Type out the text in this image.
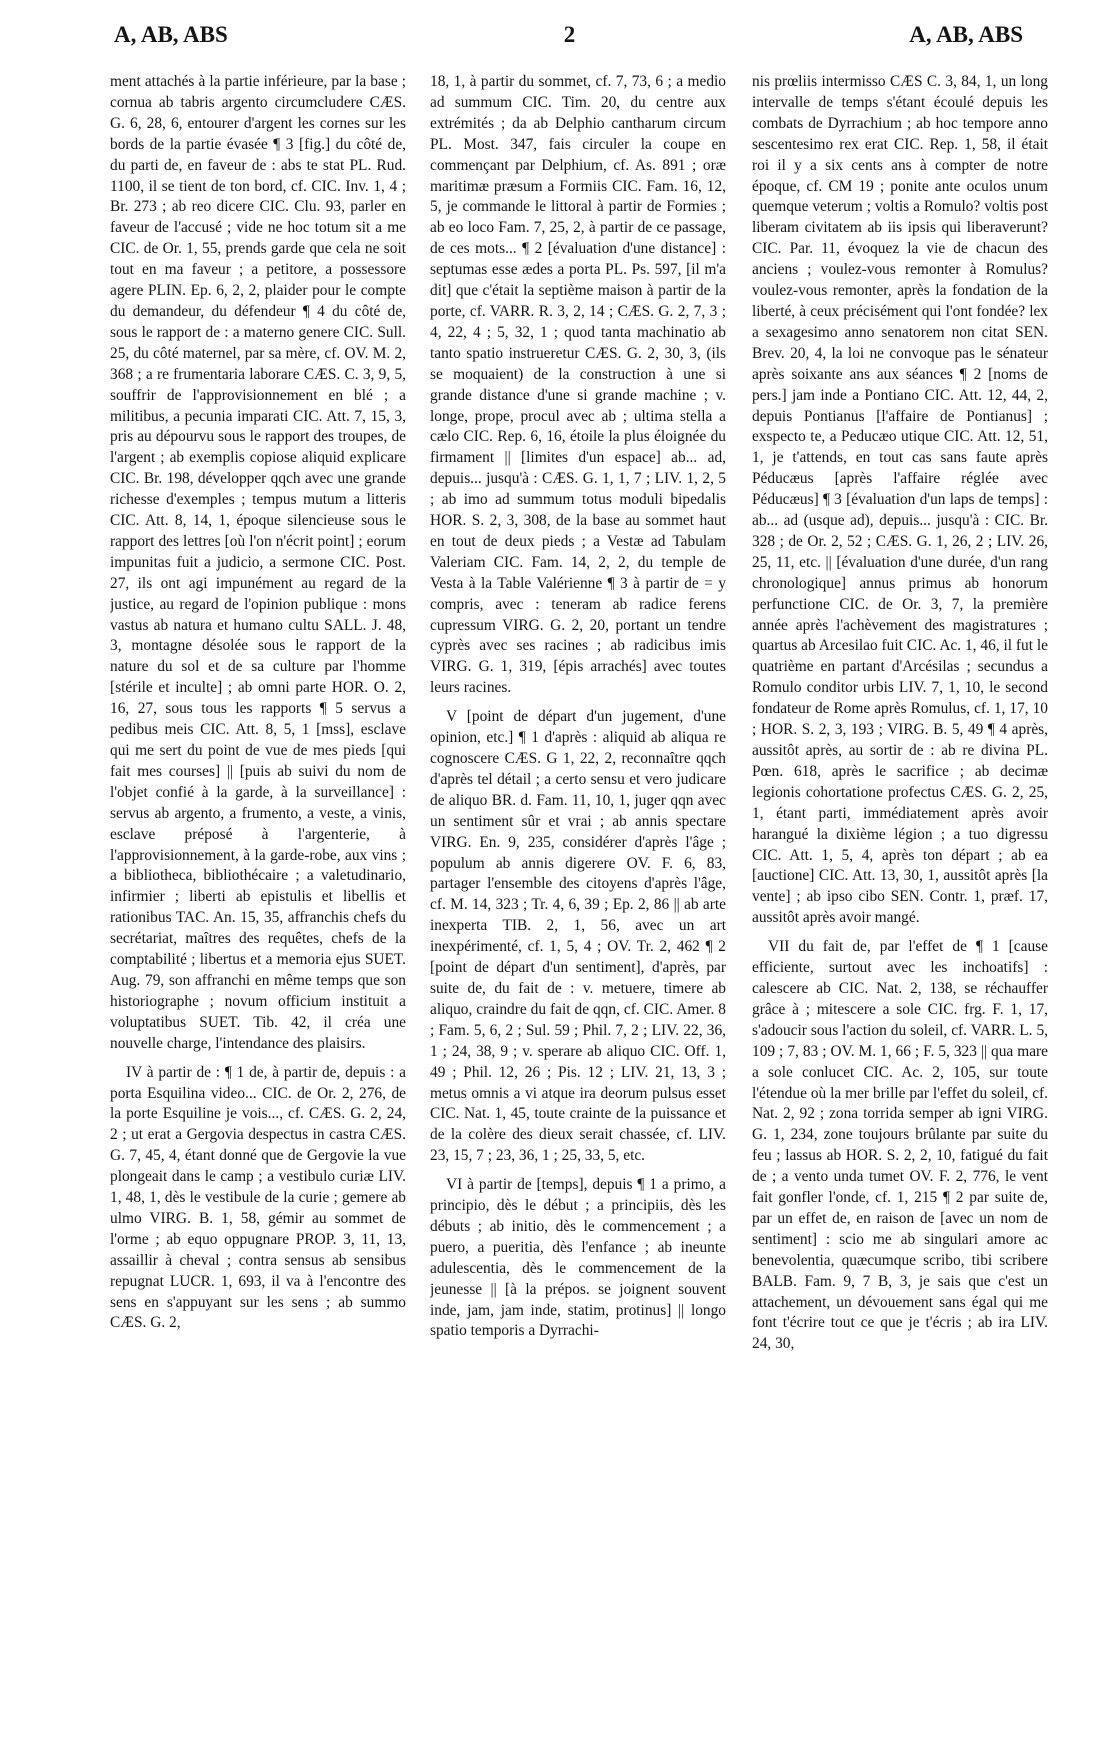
A, AB, ABS	2	A, AB, ABS

ment attachés à la partie inférieure, par la base ; cornua ab tabris argento circumcludere CÆS. G. 6, 28, 6, entourer d'argent les cornes sur les bords de la partie évasée ¶ 3 [fig.] du côté de, du parti de, en faveur de : abs te stat PL. Rud. 1100, il se tient de ton bord, cf. CIC. Inv. 1, 4 ; Br. 273 ; ab reo dicere CIC. Clu. 93, parler en faveur de l'accusé ; vide ne hoc totum sit a me CIC. de Or. 1, 55, prends garde que cela ne soit tout en ma faveur ; a petitore, a possessore agere PLIN. Ep. 6, 2, 2, plaider pour le compte du demandeur, du défendeur ¶ 4 du côté de, sous le rapport de : a materno genere CIC. Sull. 25, du côté maternel, par sa mère, cf. OV. M. 2, 368 ; a re frumentaria laborare CÆS. C. 3, 9, 5, souffrir de l'approvisionnement en blé ; a militibus, a pecunia imparati CIC. Att. 7, 15, 3, pris au dépourvu sous le rapport des troupes, de l'argent ; ab exemplis copiose aliquid explicare CIC. Br. 198, développer qqch avec une grande richesse d'exemples ; tempus mutum a litteris CIC. Att. 8, 14, 1, époque silencieuse sous le rapport des lettres [où l'on n'écrit point] ; eorum impunitas fuit a judicio, a sermone CIC. Post. 27, ils ont agi impunément au regard de la justice, au regard de l'opinion publique : mons vastus ab natura et humano cultu SALL. J. 48, 3, montagne désolée sous le rapport de la nature du sol et de sa culture par l'homme [stérile et inculte] ; ab omni parte HOR. O. 2, 16, 27, sous tous les rapports ¶ 5 servus a pedibus meis CIC. Att. 8, 5, 1 [mss], esclave qui me sert du point de vue de mes pieds [qui fait mes courses] || [puis ab suivi du nom de l'objet confié à la garde, à la surveillance] : servus ab argento, a frumento, a veste, a vinis, esclave préposé à l'argenterie, à l'approvisionnement, à la garde-robe, aux vins ; a bibliotheca, bibliothécaire ; a valetudinario, infirmier ; liberti ab epistulis et libellis et rationibus TAC. An. 15, 35, affranchis chefs du secrétariat, maîtres des requêtes, chefs de la comptabilité ; libertus et a memoria ejus SUET. Aug. 79, son affranchi en même temps que son historiographe ; novum officium instituit a voluptatibus SUET. Tib. 42, il créa une nouvelle charge, l'intendance des plaisirs.

IV à partir de : ¶ 1 de, à partir de, depuis : a porta Esquilina video... CIC. de Or. 2, 276, de la porte Esquiline je vois..., cf. CÆS. G. 2, 24, 2 ; ut erat a Gergovia despectus in castra CÆS. G. 7, 45, 4, étant donné que de Gergovie la vue plongeait dans le camp ; a vestibulo curiæ LIV. 1, 48, 1, dès le vestibule de la curie ; gemere ab ulmo VIRG. B. 1, 58, gémir au sommet de l'orme ; ab equo oppugnare PROP. 3, 11, 13, assaillir à cheval ; contra sensus ab sensibus repugnat LUCR. 1, 693, il va à l'encontre des sens en s'appuyant sur les sens ; ab summo CÆS. G. 2,

18, 1, à partir du sommet, cf. 7, 73, 6 ; a medio ad summum CIC. Tim. 20, du centre aux extrémités ; da ab Delphio cantharum circum PL. Most. 347, fais circuler la coupe en commençant par Delphium, cf. As. 891 ; oræ maritimæ præsum a Formiis CIC. Fam. 16, 12, 5, je commande le littoral à partir de Formies ; ab eo loco Fam. 7, 25, 2, à partir de ce passage, de ces mots... ¶ 2 [évaluation d'une distance] : septumas esse ædes a porta PL. Ps. 597, [il m'a dit] que c'était la septième maison à partir de la porte, cf. VARR. R. 3, 2, 14 ; CÆS. G. 2, 7, 3 ; 4, 22, 4 ; 5, 32, 1 ; quod tanta machinatio ab tanto spatio instrueretur CÆS. G. 2, 30, 3, (ils se moquaient) de la construction à une si grande distance d'une si grande machine ; v. longe, prope, procul avec ab ; ultima stella a cælo CIC. Rep. 6, 16, étoile la plus éloignée du firmament || [limites d'un espace] ab... ad, depuis... jusqu'à : CÆS. G. 1, 1, 7 ; LIV. 1, 2, 5 ; ab imo ad summum totus moduli bipedalis HOR. S. 2, 3, 308, de la base au sommet haut en tout de deux pieds ; a Vestæ ad Tabulam Valeriam CIC. Fam. 14, 2, 2, du temple de Vesta à la Table Valérienne ¶ 3 à partir de = y compris, avec : teneram ab radice ferens cupressum VIRG. G. 2, 20, portant un tendre cyprès avec ses racines ; ab radicibus imis VIRG. G. 1, 319, [épis arrachés] avec toutes leurs racines.

V [point de départ d'un jugement, d'une opinion, etc.] ¶ 1 d'après : aliquid ab aliqua re cognoscere CÆS. G 1, 22, 2, reconnaître qqch d'après tel détail ; a certo sensu et vero judicare de aliquo BR. d. Fam. 11, 10, 1, juger qqn avec un sentiment sûr et vrai ; ab annis spectare VIRG. En. 9, 235, considérer d'après l'âge ; populum ab annis digerere OV. F. 6, 83, partager l'ensemble des citoyens d'après l'âge, cf. M. 14, 323 ; Tr. 4, 6, 39 ; Ep. 2, 86 || ab arte inexperta TIB. 2, 1, 56, avec un art inexpérimenté, cf. 1, 5, 4 ; OV. Tr. 2, 462 ¶ 2 [point de départ d'un sentiment], d'après, par suite de, du fait de : v. metuere, timere ab aliquo, craindre du fait de qqn, cf. CIC. Amer. 8 ; Fam. 5, 6, 2 ; Sul. 59 ; Phil. 7, 2 ; LIV. 22, 36, 1 ; 24, 38, 9 ; v. sperare ab aliquo CIC. Off. 1, 49 ; Phil. 12, 26 ; Pis. 12 ; LIV. 21, 13, 3 ; metus omnis a vi atque ira deorum pulsus esset CIC. Nat. 1, 45, toute crainte de la puissance et de la colère des dieux serait chassée, cf. LIV. 23, 15, 7 ; 23, 36, 1 ; 25, 33, 5, etc.

VI à partir de [temps], depuis ¶ 1 a primo, a principio, dès le début ; a principiis, dès les débuts ; ab initio, dès le commencement ; a puero, a pueritia, dès l'enfance ; ab ineunte adulescentia, dès le commencement de la jeunesse || [à la prépos. se joignent souvent inde, jam, jam inde, statim, protinus] || longo spatio temporis a Dyrrachi-

nis prœliis intermisso CÆS C. 3, 84, 1, un long intervalle de temps s'étant écoulé depuis les combats de Dyrrachium ; ab hoc tempore anno sescentesimo rex erat CIC. Rep. 1, 58, il était roi il y a six cents ans à compter de notre époque, cf. CM 19 ; ponite ante oculos unum quemque veterum ; voltis a Romulo? voltis post liberam civitatem ab iis ipsis qui liberaverunt? CIC. Par. 11, évoquez la vie de chacun des anciens ; voulez-vous remonter à Romulus? voulez-vous remonter, après la fondation de la liberté, à ceux précisément qui l'ont fondée? lex a sexagesimo anno senatorem non citat SEN. Brev. 20, 4, la loi ne convoque pas le sénateur après soixante ans aux séances ¶ 2 [noms de pers.] jam inde a Pontiano CIC. Att. 12, 44, 2, depuis Pontianus [l'affaire de Pontianus] ; exspecto te, a Peducæo utique CIC. Att. 12, 51, 1, je t'attends, en tout cas sans faute après Péducæus [après l'affaire réglée avec Péducæus] ¶ 3 [évaluation d'un laps de temps] : ab... ad (usque ad), depuis... jusqu'à : CIC. Br. 328 ; de Or. 2, 52 ; CÆS. G. 1, 26, 2 ; LIV. 26, 25, 11, etc. || [évaluation d'une durée, d'un rang chronologique] annus primus ab honorum perfunctione CIC. de Or. 3, 7, la première année après l'achèvement des magistratures ; quartus ab Arcesilao fuit CIC. Ac. 1, 46, il fut le quatrième en partant d'Arcésilas ; secundus a Romulo conditor urbis LIV. 7, 1, 10, le second fondateur de Rome après Romulus, cf. 1, 17, 10 ; HOR. S. 2, 3, 193 ; VIRG. B. 5, 49 ¶ 4 après, aussitôt après, au sortir de : ab re divina PL. Pœn. 618, après le sacrifice ; ab decimæ legionis cohortatione profectus CÆS. G. 2, 25, 1, étant parti, immédiatement après avoir harangué la dixième légion ; a tuo digressu CIC. Att. 1, 5, 4, après ton départ ; ab ea [auctione] CIC. Att. 13, 30, 1, aussitôt après [la vente] ; ab ipso cibo SEN. Contr. 1, præf. 17, aussitôt après avoir mangé.

VII du fait de, par l'effet de ¶ 1 [cause efficiente, surtout avec les inchoatifs] : calescere ab CIC. Nat. 2, 138, se réchauffer grâce à ; mitescere a sole CIC. frg. F. 1, 17, s'adoucir sous l'action du soleil, cf. VARR. L. 5, 109 ; 7, 83 ; OV. M. 1, 66 ; F. 5, 323 || qua mare a sole conlucet CIC. Ac. 2, 105, sur toute l'étendue où la mer brille par l'effet du soleil, cf. Nat. 2, 92 ; zona torrida semper ab igni VIRG. G. 1, 234, zone toujours brûlante par suite du feu ; lassus ab HOR. S. 2, 2, 10, fatigué du fait de ; a vento unda tumet OV. F. 2, 776, le vent fait gonfler l'onde, cf. 1, 215 ¶ 2 par suite de, par un effet de, en raison de [avec un nom de sentiment] : scio me ab singulari amore ac benevolentia, quæcumque scribo, tibi scribere BALB. Fam. 9, 7 B, 3, je sais que c'est un attachement, un dévouement sans égal qui me font t'écrire tout ce que je t'écris ; ab ira LIV. 24, 30,
